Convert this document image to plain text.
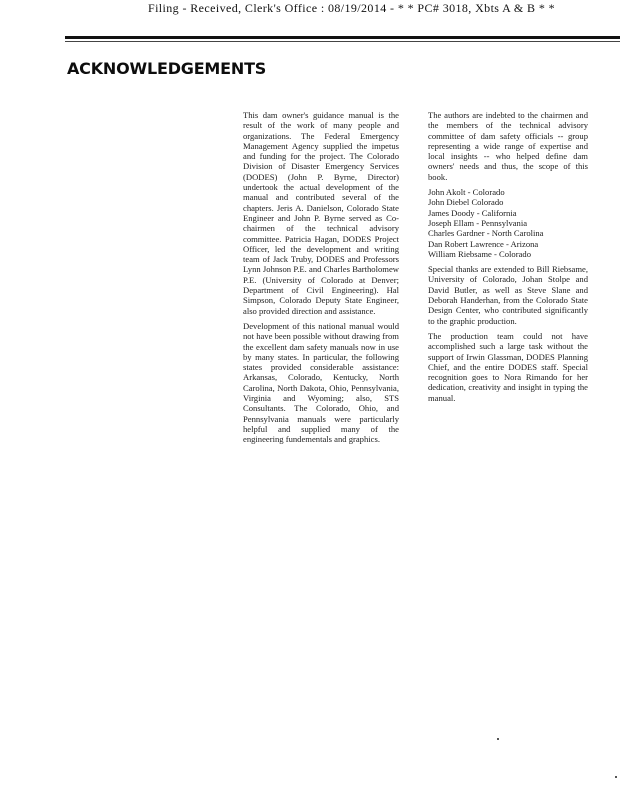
Filing - Received, Clerk's Office : 08/19/2014 - * * PC# 3018, Xbts A & B * *
ACKNOWLEDGEMENTS

This dam owner's guidance manual is the result of the work of many people and organizations. The Federal Emergency Management Agency supplied the impetus and funding for the project. The Colorado Division of Disaster Emergency Services (DODES) (John P. Byrne, Director) undertook the actual development of the manual and contributed several of the chapters. Jeris A. Danielson, Colorado State Engineer and John P. Byrne served as Co-chairmen of the technical advisory committee. Patricia Hagan, DODES Project Officer, led the development and writing team of Jack Truby, DODES and Professors Lynn Johnson P.E. and Charles Bartholomew P.E. (University of Colorado at Denver; Department of Civil Engineering). Hal Simpson, Colorado Deputy State Engineer, also provided direction and assistance.

Development of this national manual would not have been possible without drawing from the excellent dam safety manuals now in use by many states. In particular, the following states provided considerable assistance: Arkansas, Colorado, Kentucky, North Carolina, North Dakota, Ohio, Pennsylvania, Virginia and Wyoming; also, STS Consultants. The Colorado, Ohio, and Pennsylvania manuals were particularly helpful and supplied many of the engineering fundementals and graphics.

The authors are indebted to the chairmen and the members of the technical advisory committee of dam safety officials -- group representing a wide range of expertise and local insights -- who helped define dam owners' needs and thus, the scope of this book.

John Akolt - Colorado
John Diebel Colorado
James Doody - California
Joseph Ellam - Pennsylvania
Charles Gardner - North Carolina
Dan Robert Lawrence - Arizona
William Riebsame - Colorado

Special thanks are extended to Bill Riebsame, University of Colorado, Johan Stolpe and David Butler, as well as Steve Slane and Deborah Handerhan, from the Colorado State Design Center, who contributed significantly to the graphic production.

The production team could not have accomplished such a large task without the support of Irwin Glassman, DODES Planning Chief, and the entire DODES staff. Special recognition goes to Nora Rimando for her dedication, creativity and insight in typing the manual.
